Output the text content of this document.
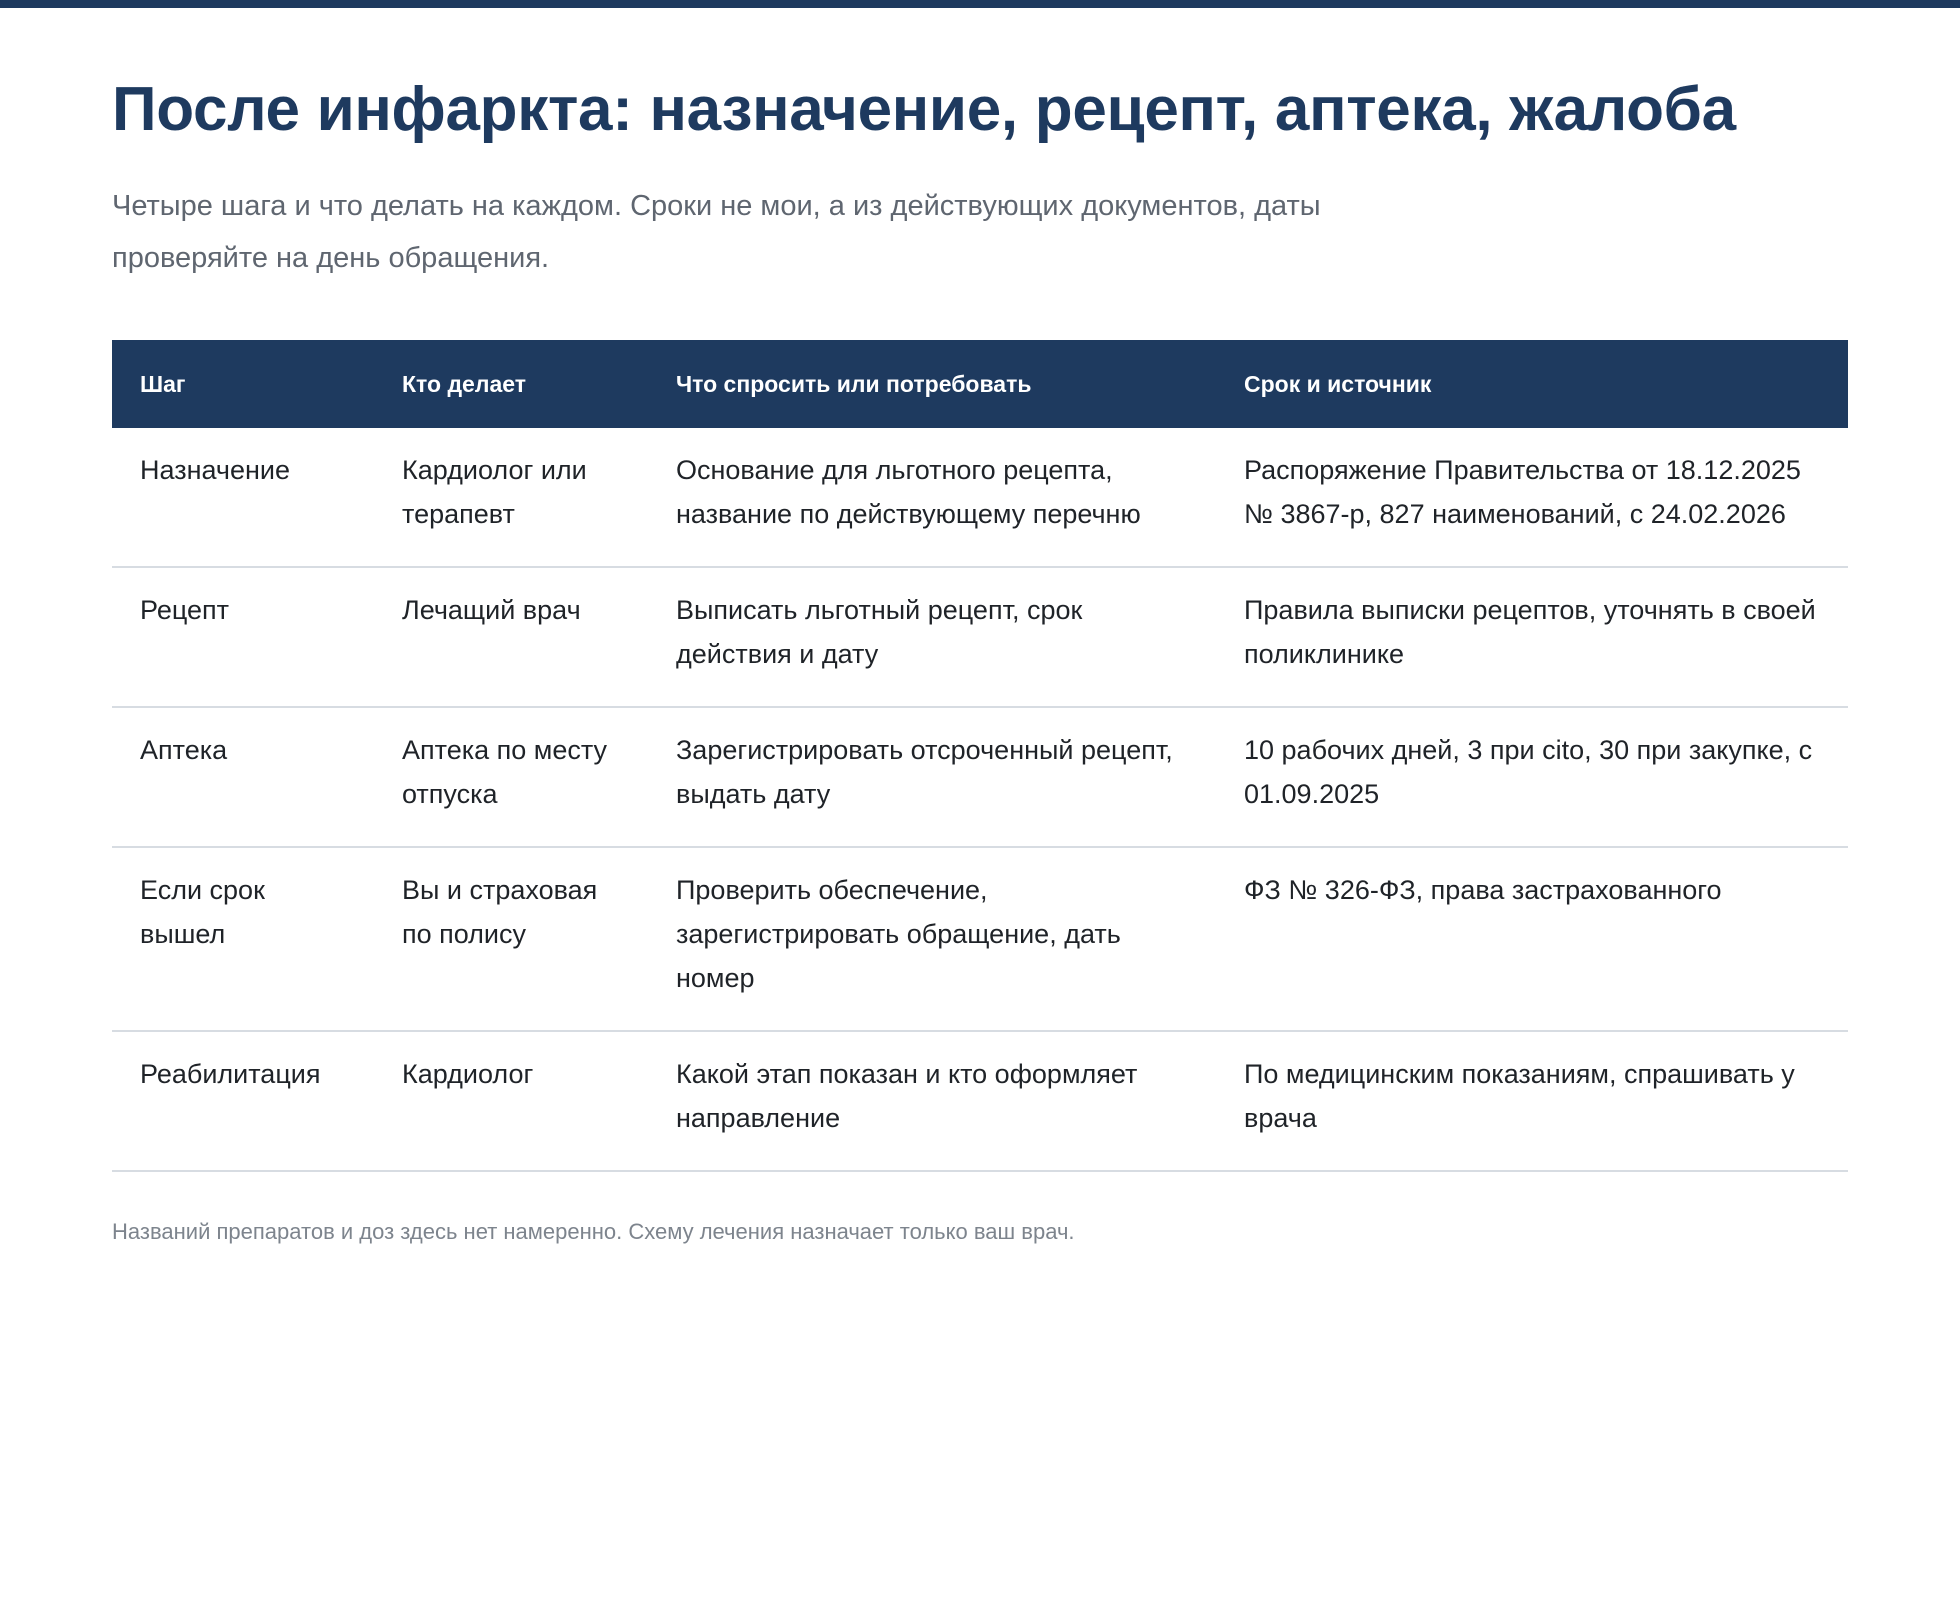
После инфаркта: назначение, рецепт, аптека, жалоба

Четыре шага и что делать на каждом. Сроки не мои, а из действующих документов, даты проверяйте на день обращения.

Шаг	Кто делает	Что спросить или потребовать	Срок и источник
Назначение	Кардиолог или терапевт	Основание для льготного рецепта, название по действующему перечню	Распоряжение Правительства от 18.12.2025 № 3867-р, 827 наименований, с 24.02.2026
Рецепт	Лечащий врач	Выписать льготный рецепт, срок действия и дату	Правила выписки рецептов, уточнять в своей поликлинике
Аптека	Аптека по месту отпуска	Зарегистрировать отсроченный рецепт, выдать дату	10 рабочих дней, 3 при cito, 30 при закупке, с 01.09.2025
Если срок вышел	Вы и страховая по полису	Проверить обеспечение, зарегистрировать обращение, дать номер	ФЗ № 326-ФЗ, права застрахованного
Реабилитация	Кардиолог	Какой этап показан и кто оформляет направление	По медицинским показаниям, спрашивать у врача

Названий препаратов и доз здесь нет намеренно. Схему лечения назначает только ваш врач.
